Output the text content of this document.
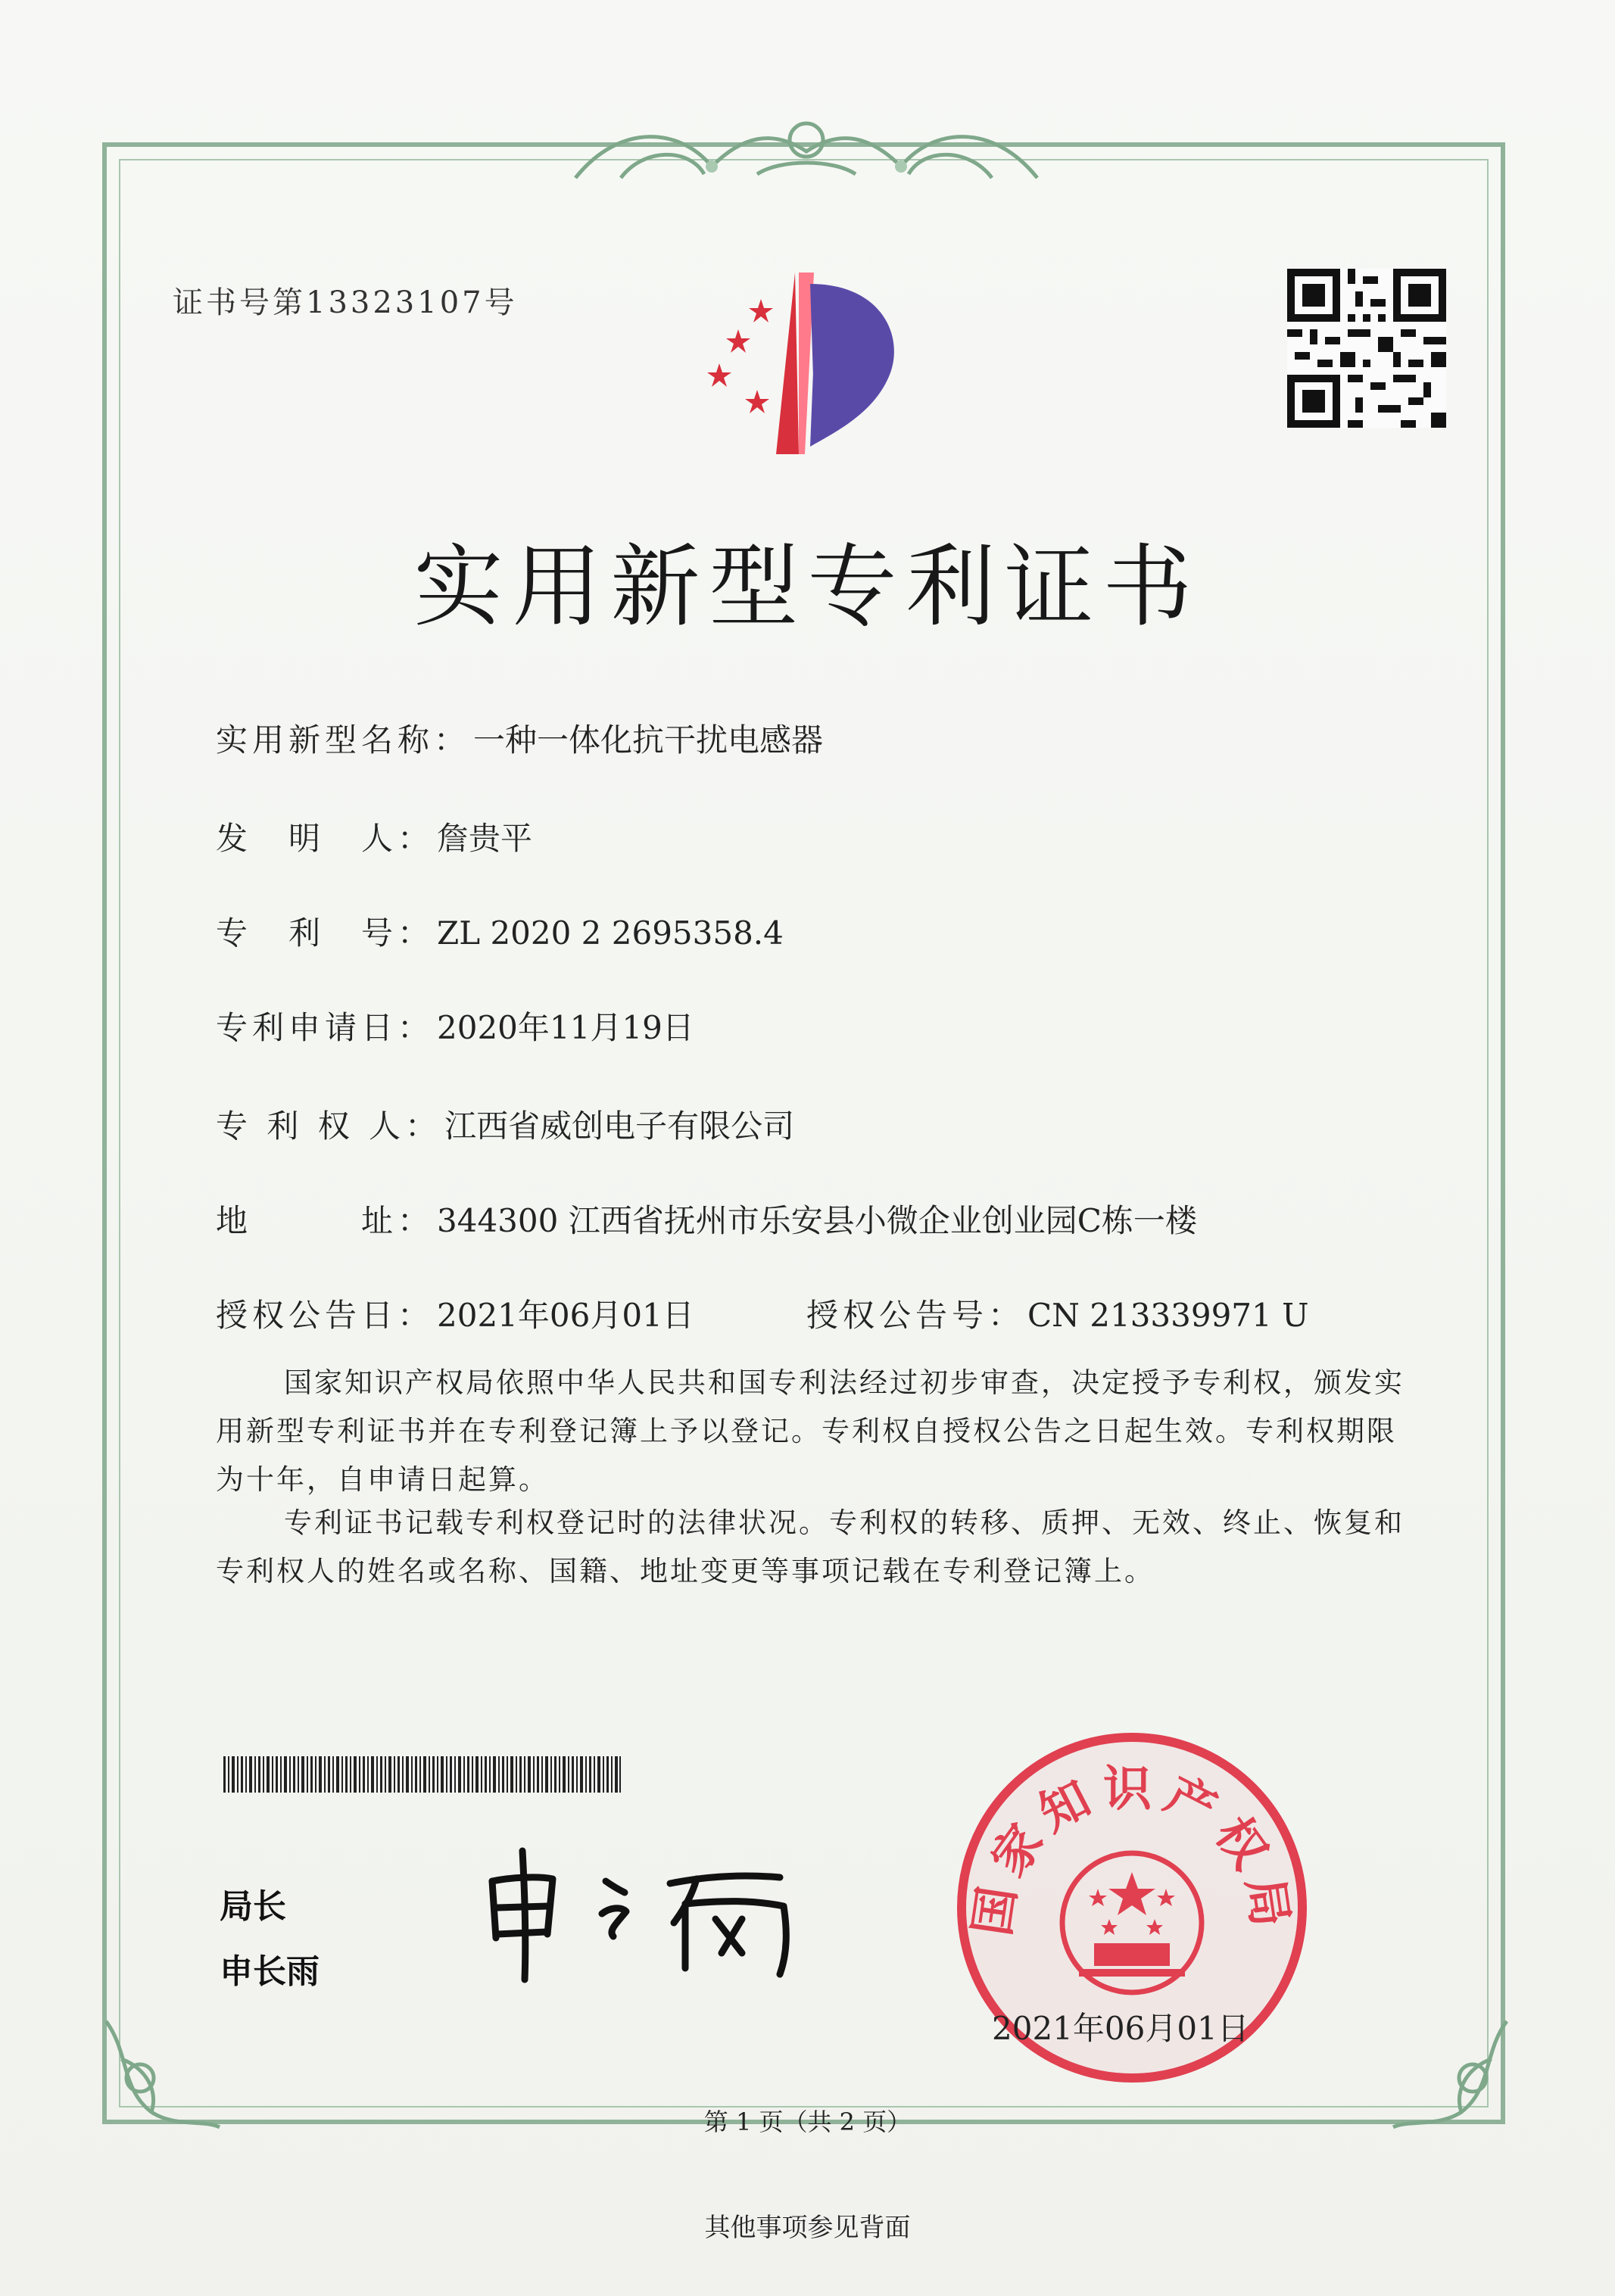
证书号第13323107号
实用新型专利证书
实用新型名称：一种一体化抗干扰电感器
发　明　人：詹贵平
专　利　号：ZL 2020 2 2695358.4
专利申请日：2020年11月19日
专 利 权 人：江西省威创电子有限公司
地　　　址：344300 江西省抚州市乐安县小微企业创业园C栋一楼
授权公告日：2021年06月01日	授权公告号：CN 213339971 U
国家知识产权局依照中华人民共和国专利法经过初步审查，决定授予专利权，颁发实用新型专利证书并在专利登记簿上予以登记。专利权自授权公告之日起生效。专利权期限为十年，自申请日起算。
专利证书记载专利权登记时的法律状况。专利权的转移、质押、无效、终止、恢复和专利权人的姓名或名称、国籍、地址变更等事项记载在专利登记簿上。
局长
申长雨
国家知识产权局
2021年06月01日
第 1 页（共 2 页）
其他事项参见背面
